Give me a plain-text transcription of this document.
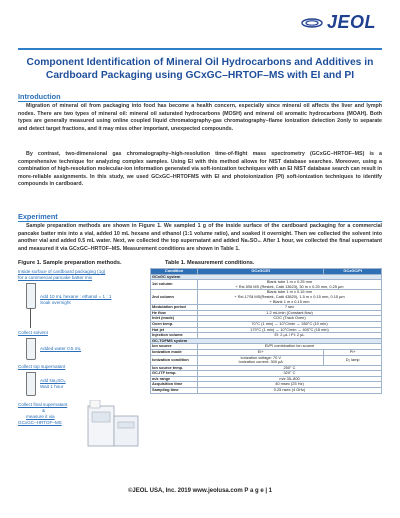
JEOL
Component Identification of Mineral Oil Hydrocarbons and Additives in
Cardboard Packaging using GCxGC–HRTOF–MS with EI and PI
Introduction
Migration of mineral oil from packaging into food has become a health concern, especially since mineral oil affects the liver and lymph nodes. There are two types of mineral oil: mineral oil saturated hydrocarbons (MOSH) and mineral oil aromatic hydrocarbons (MOAH). Both types are generally measured using online coupled liquid chromatography-gas chromatography–flame ionization detection 2only to separate and detect target fractions, and it may miss other important, unexpected compounds.
By contrast, two-dimensional gas chromatography–high-resolution time-of-flight mass spectrometry (GCxGC–HRTOF–MS) is a comprehensive technique for analyzing complex samples. Using EI with this method allows for NIST database searches. Moreover, using a combination of high-resolution molecular-ion information generated via soft-ionization techniques with an EI NIST database search can result in more-reliable assignments. In this study, we used GCxGC–HRTOFMS with EI and photoionization (PI) soft-ionization techniques to identify compounds in cardboard.
Experiment
Sample preparation methods are shown in Figure 1. We sampled 1 g of the inside surface of the cardboard packaging for a commercial pancake batter mix into a vial, added 10 mL hexane and ethanol (1:1 volume ratio), and soaked it overnight. Then we collected the solvent into another vial and added 0.5 mL water. Next, we collected the top supernatant and added Na₂SO₄. After 1 hour, we collected the final supernatant and measured it via GCxGC–HRTOF–MS. Measurement conditions are shown in Table 1.
Figure 1. Sample preparation methods.
Inside surface of cardboard packaging (1g)
for a commercial pancake batter mix
Add 10 mL hexane : ethanol = 1 : 1
Soak overnight
Collect solvent
Added water 0.5 mL
Collect top supernatant
Add Na₂SO₄
Wait 1 hour
Collect final supernatant
&
measure it via
GCxGC–HRTOF–MS
Table 1. Measurement conditions.
Condition	GCxGC/EI	GCxGC/PI
GCxGC system		
1st column	Blank tube 1 m x 0.25 mm
+ Rxi-5Sil MS (Restek, Cat# 13623), 30 m x 0.25 mm, 0.25 µm	
2nd column	Blank tube 1 m x 0.15 mm
+ Rxi-17Sil MS(Restek, Cat# 43820), 1.5 m x 0.15 mm, 0.15 µm
+ Blank 1 m x 0.15 mm	
Modulation period	7 sec	
He flow	1.2 mL/min (Constant flow)	
Inlet (mode)	COC (Track Oven)	
Oven temp.	70°C (1 min) → 10°C/min → 350°C (10 min)	
Hot jet	170°C (1 min) → 10°C/min → 400°C (15 min)	
Injection volume	EI: 2 µL / PI: 2 µL	
GC-TOFMS system		
Ion source	EI/PI combination ion source	
Ionization mode	EI+	PI+
Ionization condition	Ionization voltage: 70 V
Ionization current: 300 µA	D₂ lamp
Ion source temp.	250° C	
GC-ITF temp.	320° C	
m/z range	m/z 35–800	
Acquisition time	40 msec (25 Hz)	
Sampling time	0.25 nsec (4 GHz)	
©JEOL USA, Inc. 2019 www.jeolusa.com P a g e | 1
